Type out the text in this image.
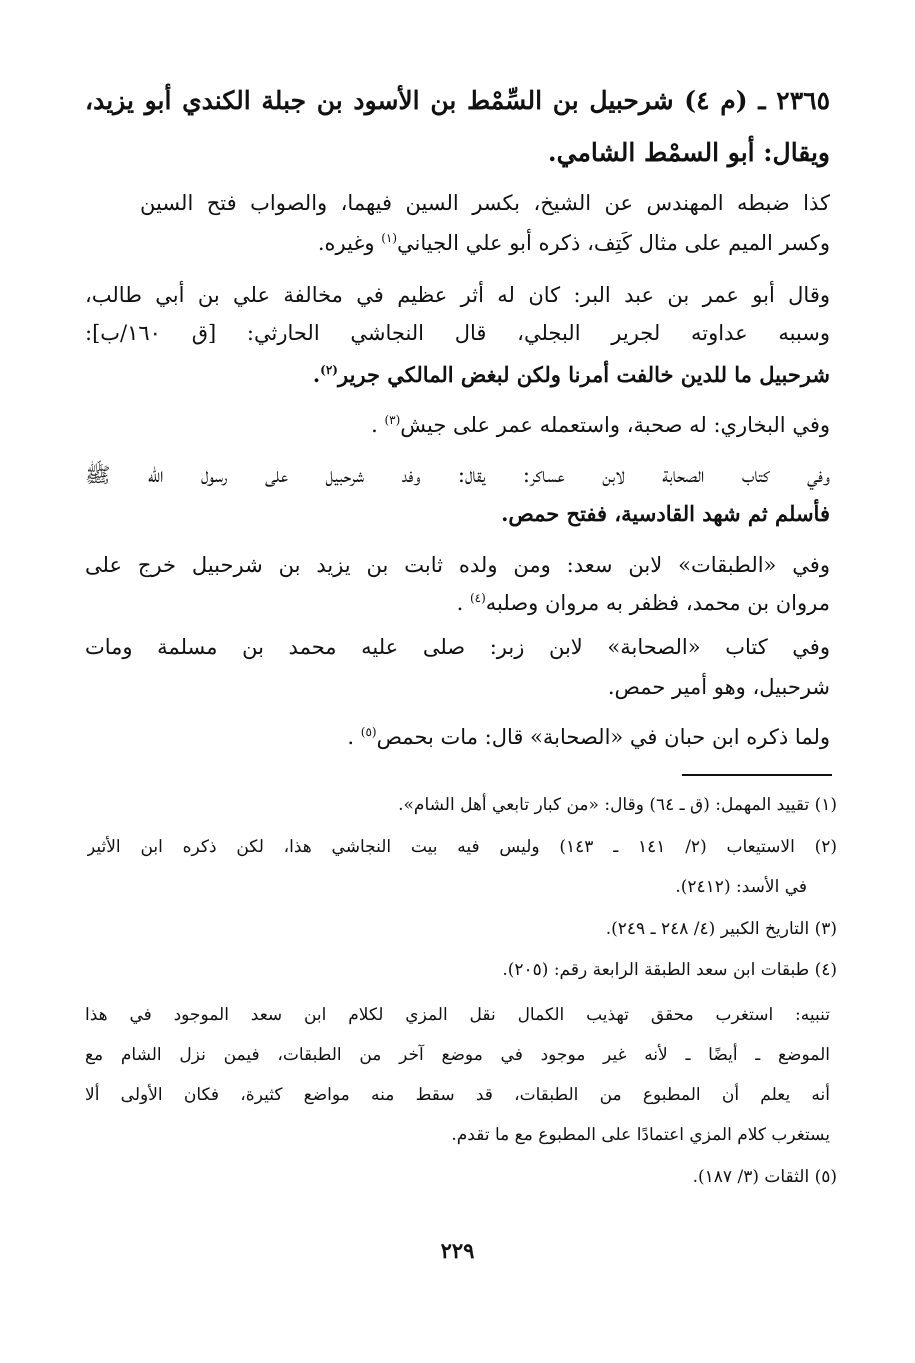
٢٣٦٥ ـ (م ٤) شرحبيل بن السِّمْط بن الأسود بن جبلة الكندي أبو يزيد،
ويقال: أبو السمْط الشامي.
كذا ضبطه المهندس عن الشيخ، بكسر السين فيهما، والصواب فتح السين
وكسر الميم على مثال كَتِف، ذكره أبو علي الجياني$^{(١)}$ وغيره.
وقال أبو عمر بن عبد البر: كان له أثر عظيم في مخالفة علي بن أبي طالب،
وسببه عداوته لجرير البجلي، قال النجاشي الحارثي: [ق ١٦٠/ب]:
شرحبيل ما للدين خالفت أمرنا ولكن لبغض المالكي جرير$^{(٢)}$.
وفي البخاري: له صحبة، واستعمله عمر على جيش$^{(٣)}$ .
وفي كتاب الصحابة لابن عساكر: يقال: وفد شرحبيل على رسول الله ﷺ
فأسلم ثم شهد القادسية، ففتح حمص.
وفي «الطبقات» لابن سعد: ومن ولده ثابت بن يزيد بن شرحبيل خرج على
مروان بن محمد، فظفر به مروان وصلبه$^{(٤)}$ .
وفي كتاب «الصحابة» لابن زبر: صلى عليه محمد بن مسلمة ومات
شرحبيل، وهو أمير حمص.
ولما ذكره ابن حبان في «الصحابة» قال: مات بحمص$^{(٥)}$ .
(١) تقييد المهمل: (ق ـ ٦٤) وقال: «من كبار تابعي أهل الشام».
(٢) الاستيعاب (٢/ ١٤١ ـ ١٤٣) وليس فيه بيت النجاشي هذا، لكن ذكره ابن الأثير
في الأسد: (٢٤١٢).
(٣) التاريخ الكبير (٤/ ٢٤٨ ـ ٢٤٩).
(٤) طبقات ابن سعد الطبقة الرابعة رقم: (٢٠٥).
تنبيه: استغرب محقق تهذيب الكمال نقل المزي لكلام ابن سعد الموجود في هذا
الموضع ـ أيضًا ـ لأنه غير موجود في موضع آخر من الطبقات، فيمن نزل الشام مع
أنه يعلم أن المطبوع من الطبقات، قد سقط منه مواضع كثيرة، فكان الأولى ألا
يستغرب كلام المزي اعتمادًا على المطبوع مع ما تقدم.
(٥) الثقات (٣/ ١٨٧).
٢٢٩
